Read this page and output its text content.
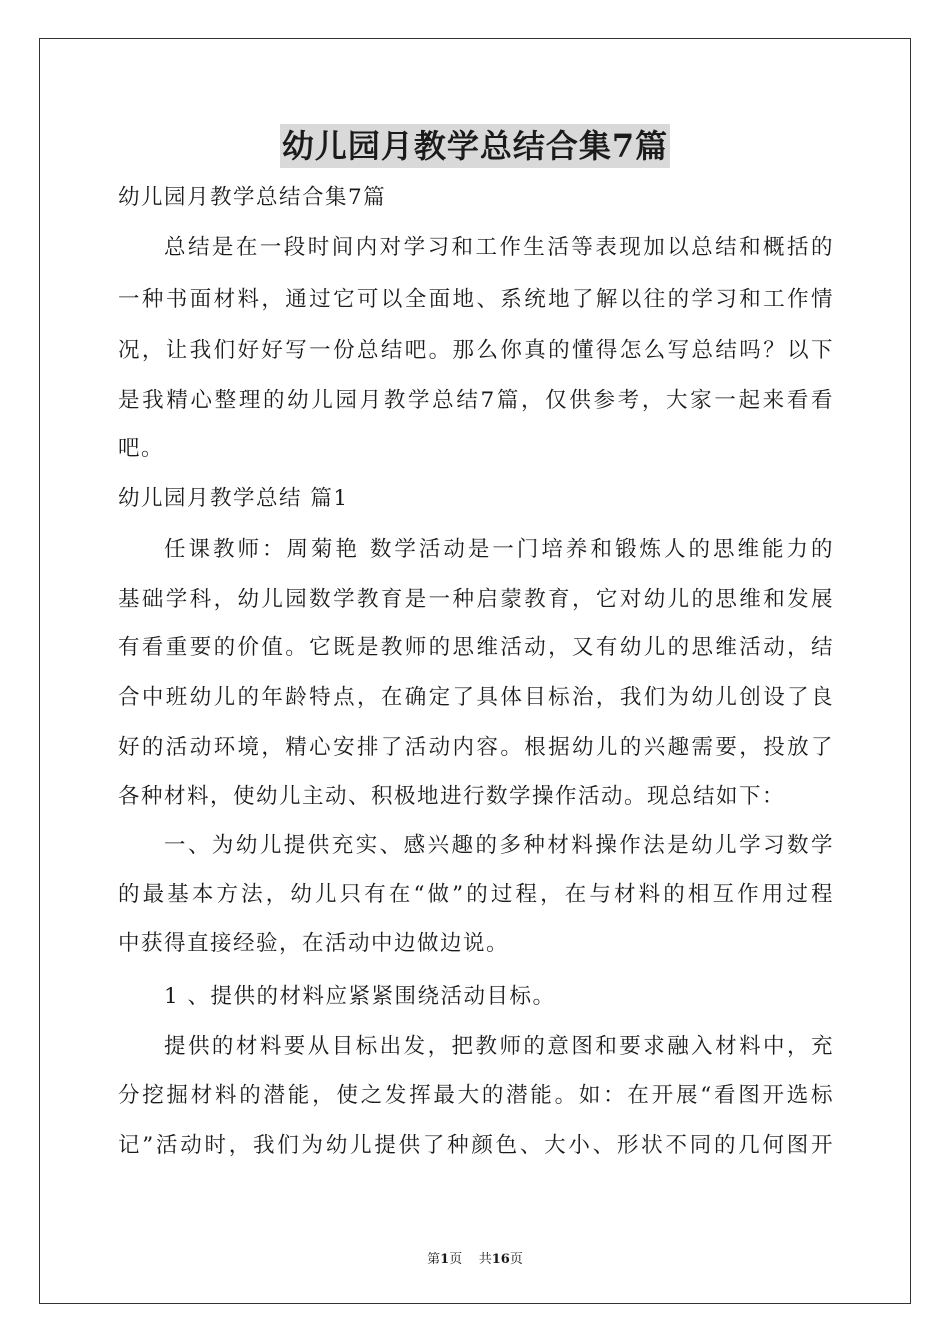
幼儿园月教学总结合集7篇
幼儿园月教学总结合集7篇
总结是在一段时间内对学习和工作生活等表现加以总结和概括的
一种书面材料，通过它可以全面地、系统地了解以往的学习和工作情
况，让我们好好写一份总结吧。那么你真的懂得怎么写总结吗？以下
是我精心整理的幼儿园月教学总结7篇，仅供参考，大家一起来看看
吧。
幼儿园月教学总结 篇1
任课教师：周菊艳 数学活动是一门培养和锻炼人的思维能力的
基础学科，幼儿园数学教育是一种启蒙教育，它对幼儿的思维和发展
有看重要的价值。它既是教师的思维活动，又有幼儿的思维活动，结
合中班幼儿的年龄特点，在确定了具体目标治，我们为幼儿创设了良
好的活动环境，精心安排了活动内容。根据幼儿的兴趣需要，投放了
各种材料，使幼儿主动、积极地进行数学操作活动。现总结如下：
一、为幼儿提供充实、感兴趣的多种材料操作法是幼儿学习数学
的最基本方法，幼儿只有在“做”的过程，在与材料的相互作用过程
中获得直接经验，在活动中边做边说。
1 、提供的材料应紧紧围绕活动目标。
提供的材料要从目标出发，把教师的意图和要求融入材料中，充
分挖掘材料的潜能，使之发挥最大的潜能。如：在开展“看图开选标
记”活动时，我们为幼儿提供了种颜色、大小、形状不同的几何图开
第1页    共16页
